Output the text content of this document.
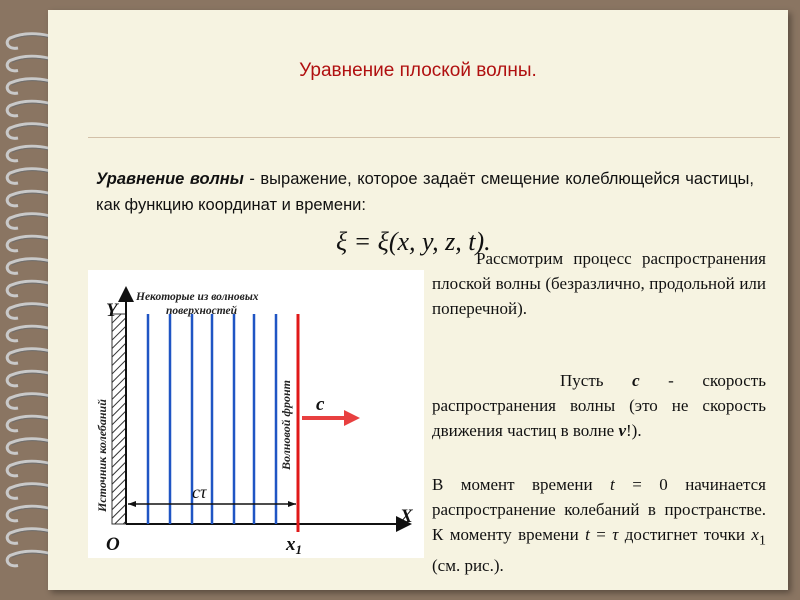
Уравнение плоской волны.
Уравнение волны - выражение, которое задаёт смещение колеблющейся частицы, как функцию координат и времени:
ξ = ξ(x, y, z, t).
Некоторые из волновых
поверхностей
Y
X
O	$x_1$
cτ
Источник колебаний	Волновой фронт c

Рассмотрим процесс распространения плоской волны (безразлично, продольной или поперечной).

Пусть c - скорость распространения волны (это не скорость движения частиц в волне v!).

В момент времени t = 0 начинается распространение колебаний в пространстве. К моменту времени t = τ достигнет точки $x_1$ (см. рис.).
